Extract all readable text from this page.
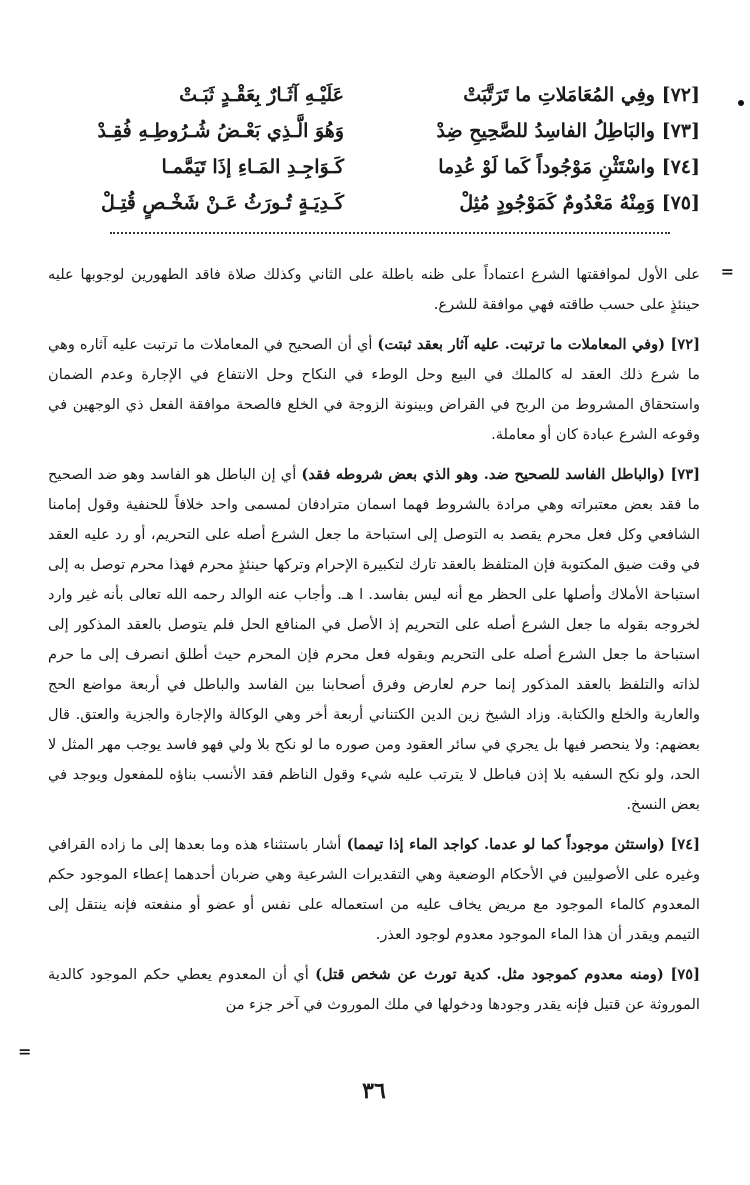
[٧٢] وفِي المُعَامَلاتِ ما تَرَتَّبَتْ
عَلَيْـهِ آثَـارٌ بِعَقْـدٍ ثَبَـتْ
[٧٣] والبَاطِلُ الفاسِدُ للصَّحِيحِ ضِدْ
وَهُوَ الَّـذِي بَعْـضُ شُـرُوطِـهِ فُقِـدْ
[٧٤] واسْتَثْنِ مَوْجُوداً كَما لَوْ عُدِما
كَـوَاجِـدِ المَـاءِ إذَا تَيَمَّمـا
[٧٥] وَمِنْهُ مَعْدُومٌ كَمَوْجُودٍ مُثِلْ
كَـدِيَـةٍ تُـورَثُ عَـنْ شَخْـصٍ قُتِـلْ
=

على الأول لموافقتها الشرع اعتماداً على ظنه باطلة على الثاني وكذلك صلاة فاقد الطهورين لوجوبها عليه حينئذٍ على حسب طاقته فهي موافقة للشرع.

[٧٢] (وفي المعاملات ما ترتبت. عليه آثار بعقد ثبتت) أي أن الصحيح في المعاملات ما ترتبت عليه آثاره وهي ما شرع ذلك العقد له كالملك في البيع وحل الوطء في النكاح وحل الانتفاع في الإجارة وعدم الضمان واستحقاق المشروط من الربح في القراض وبينونة الزوجة في الخلع فالصحة موافقة الفعل ذي الوجهين في وقوعه الشرع عبادة كان أو معاملة.

[٧٣] (والباطل الفاسد للصحيح ضد. وهو الذي بعض شروطه فقد) أي إن الباطل هو الفاسد وهو ضد الصحيح ما فقد بعض معتبراته وهي مرادة بالشروط فهما اسمان مترادفان لمسمى واحد خلافاً للحنفية وقول إمامنا الشافعي وكل فعل محرم يقصد به التوصل إلى استباحة ما جعل الشرع أصله على التحريم، أو رد عليه العقد في وقت ضيق المكتوبة فإن المتلفظ بالعقد تارك لتكبيرة الإحرام وتركها حينئذٍ محرم فهذا محرم توصل به إلى استباحة الأملاك وأصلها على الحظر مع أنه ليس بفاسد. ا هـ. وأجاب عنه الوالد رحمه الله تعالى بأنه غير وارد لخروجه بقوله ما جعل الشرع أصله على التحريم إذ الأصل في المنافع الحل فلم يتوصل بالعقد المذكور إلى استباحة ما جعل الشرع أصله على التحريم وبقوله فعل محرم فإن المحرم حيث أطلق انصرف إلى ما حرم لذاته والتلفظ بالعقد المذكور إنما حرم لعارض وفرق أصحابنا بين الفاسد والباطل في أربعة مواضع الحج والعارية والخلع والكتابة. وزاد الشيخ زين الدين الكتناني أربعة أخر وهي الوكالة والإجارة والجزية والعتق. قال بعضهم: ولا ينحصر فيها بل يجري في سائر العقود ومن صوره ما لو نكح بلا ولي فهو فاسد يوجب مهر المثل لا الحد، ولو نكح السفيه بلا إذن فباطل لا يترتب عليه شيء وقول الناظم فقد الأنسب بناؤه للمفعول ويوجد في بعض النسخ.

[٧٤] (واستثن موجوداً كما لو عدما. كواجد الماء إذا تيمما) أشار باستثناء هذه وما بعدها إلى ما زاده القرافي وغيره على الأصوليين في الأحكام الوضعية وهي التقديرات الشرعية وهي ضربان أحدهما إعطاء الموجود حكم المعدوم كالماء الموجود مع مريض يخاف عليه من استعماله على نفس أو عضو أو منفعته فإنه ينتقل إلى التيمم ويقدر أن هذا الماء الموجود معدوم لوجود العذر.

[٧٥] (ومنه معدوم كموجود مثل. كدية تورث عن شخص قتل) أي أن المعدوم يعطي حكم الموجود كالدية الموروثة عن قتيل فإنه يقدر وجودها ودخولها في ملك الموروث في آخر جزء من

=
٣٦
